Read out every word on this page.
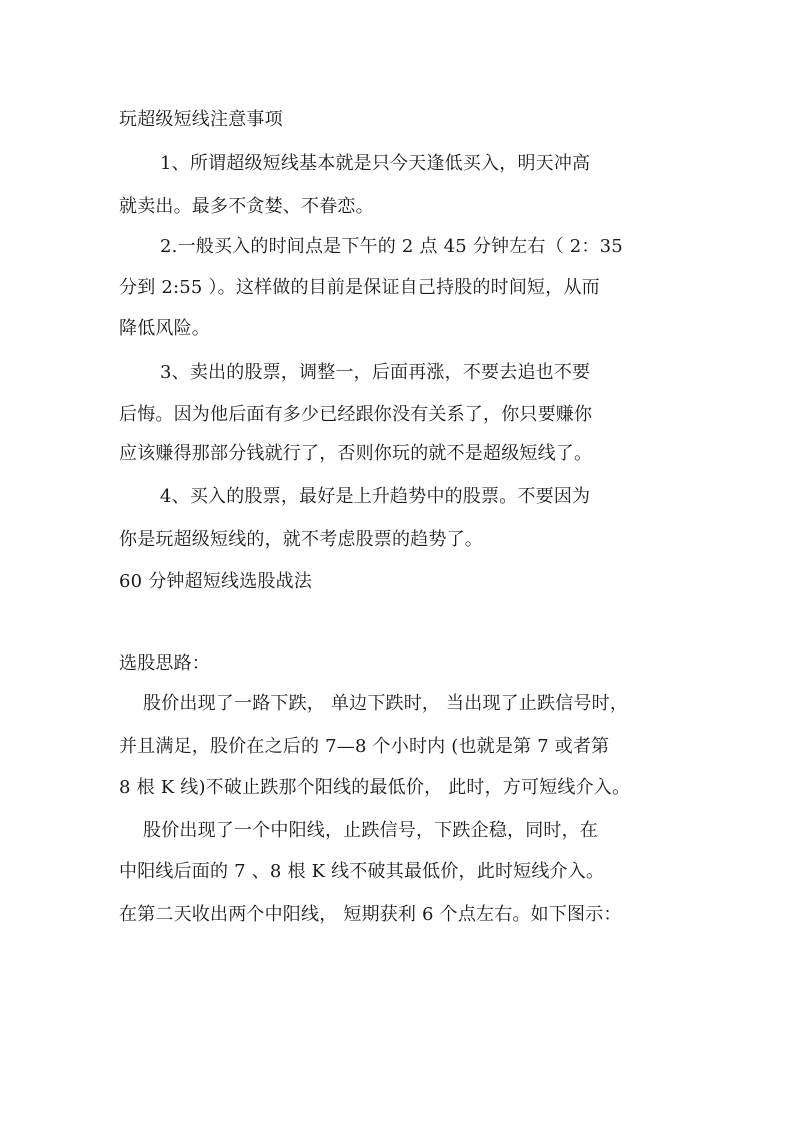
玩超级短线注意事项
1、所谓超级短线基本就是只今天逢低买入，明天冲高
就卖出。最多不贪婪、不眷恋。
2.一般买入的时间点是下午的 2 点 45 分钟左右（ 2：35
分到 2:55 ）。这样做的目前是保证自己持股的时间短，从而
降低风险。
3、卖出的股票，调整一，后面再涨，不要去追也不要
后悔。因为他后面有多少已经跟你没有关系了，你只要赚你
应该赚得那部分钱就行了，否则你玩的就不是超级短线了。
4、买入的股票，最好是上升趋势中的股票。不要因为
你是玩超级短线的，就不考虑股票的趋势了。
60 分钟超短线选股战法
选股思路：
股价出现了一路下跌， 单边下跌时， 当出现了止跌信号时，
并且满足，股价在之后的 7—8 个小时内 (也就是第 7 或者第
8 根 K 线)不破止跌那个阳线的最低价， 此时，方可短线介入。
股价出现了一个中阳线，止跌信号，下跌企稳，同时，在
中阳线后面的 7 、8 根 K 线不破其最低价，此时短线介入。
在第二天收出两个中阳线， 短期获利 6 个点左右。如下图示：
